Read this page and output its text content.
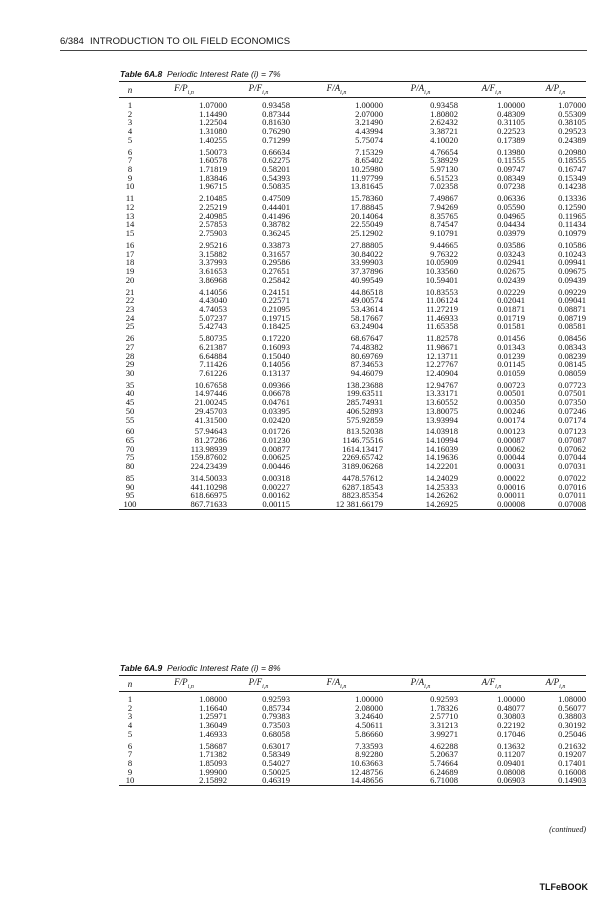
6/384 INTRODUCTION TO OIL FIELD ECONOMICS
Table 6A.8 Periodic Interest Rate (i) = 7%
n	$F/P_{i,n}$	$P/F_{i,n}$	$F/A_{i,n}$	$P/A_{i,n}$	$A/F_{i,n}$	$A/P_{i,n}$

1	1.07000	0.93458	1.00000	0.93458	1.00000	1.07000
2	1.14490	0.87344	2.07000	1.80802	0.48309	0.55309
3	1.22504	0.81630	3.21490	2.62432	0.31105	0.38105
4	1.31080	0.76290	4.43994	3.38721	0.22523	0.29523
5	1.40255	0.71299	5.75074	4.10020	0.17389	0.24389

6	1.50073	0.66634	7.15329	4.76654	0.13980	0.20980
7	1.60578	0.62275	8.65402	5.38929	0.11555	0.18555
8	1.71819	0.58201	10.25980	5.97130	0.09747	0.16747
9	1.83846	0.54393	11.97799	6.51523	0.08349	0.15349
10	1.96715	0.50835	13.81645	7.02358	0.07238	0.14238

11	2.10485	0.47509	15.78360	7.49867	0.06336	0.13336
12	2.25219	0.44401	17.88845	7.94269	0.05590	0.12590
13	2.40985	0.41496	20.14064	8.35765	0.04965	0.11965
14	2.57853	0.38782	22.55049	8.74547	0.04434	0.11434
15	2.75903	0.36245	25.12902	9.10791	0.03979	0.10979

16	2.95216	0.33873	27.88805	9.44665	0.03586	0.10586
17	3.15882	0.31657	30.84022	9.76322	0.03243	0.10243
18	3.37993	0.29586	33.99903	10.05909	0.02941	0.09941
19	3.61653	0.27651	37.37896	10.33560	0.02675	0.09675
20	3.86968	0.25842	40.99549	10.59401	0.02439	0.09439

21	4.14056	0.24151	44.86518	10.83553	0.02229	0.09229
22	4.43040	0.22571	49.00574	11.06124	0.02041	0.09041
23	4.74053	0.21095	53.43614	11.27219	0.01871	0.08871
24	5.07237	0.19715	58.17667	11.46933	0.01719	0.08719
25	5.42743	0.18425	63.24904	11.65358	0.01581	0.08581

26	5.80735	0.17220	68.67647	11.82578	0.01456	0.08456
27	6.21387	0.16093	74.48382	11.98671	0.01343	0.08343
28	6.64884	0.15040	80.69769	12.13711	0.01239	0.08239
29	7.11426	0.14056	87.34653	12.27767	0.01145	0.08145
30	7.61226	0.13137	94.46079	12.40904	0.01059	0.08059

35	10.67658	0.09366	138.23688	12.94767	0.00723	0.07723
40	14.97446	0.06678	199.63511	13.33171	0.00501	0.07501
45	21.00245	0.04761	285.74931	13.60552	0.00350	0.07350
50	29.45703	0.03395	406.52893	13.80075	0.00246	0.07246
55	41.31500	0.02420	575.92859	13.93994	0.00174	0.07174

60	57.94643	0.01726	813.52038	14.03918	0.00123	0.07123
65	81.27286	0.01230	1146.75516	14.10994	0.00087	0.07087
70	113.98939	0.00877	1614.13417	14.16039	0.00062	0.07062
75	159.87602	0.00625	2269.65742	14.19636	0.00044	0.07044
80	224.23439	0.00446	3189.06268	14.22201	0.00031	0.07031

85	314.50033	0.00318	4478.57612	14.24029	0.00022	0.07022
90	441.10298	0.00227	6287.18543	14.25333	0.00016	0.07016
95	618.66975	0.00162	8823.85354	14.26262	0.00011	0.07011
100	867.71633	0.00115	12 381.66179	14.26925	0.00008	0.07008
Table 6A.9 Periodic Interest Rate (i) = 8%
n	$F/P_{i,n}$	$P/F_{i,n}$	$F/A_{i,n}$	$P/A_{i,n}$	$A/F_{i,n}$	$A/P_{i,n}$

1	1.08000	0.92593	1.00000	0.92593	1.00000	1.08000
2	1.16640	0.85734	2.08000	1.78326	0.48077	0.56077
3	1.25971	0.79383	3.24640	2.57710	0.30803	0.38803
4	1.36049	0.73503	4.50611	3.31213	0.22192	0.30192
5	1.46933	0.68058	5.86660	3.99271	0.17046	0.25046

6	1.58687	0.63017	7.33593	4.62288	0.13632	0.21632
7	1.71382	0.58349	8.92280	5.20637	0.11207	0.19207
8	1.85093	0.54027	10.63663	5.74664	0.09401	0.17401
9	1.99900	0.50025	12.48756	6.24689	0.08008	0.16008
10	2.15892	0.46319	14.48656	6.71008	0.06903	0.14903
(continued)
TLFeBOOK
